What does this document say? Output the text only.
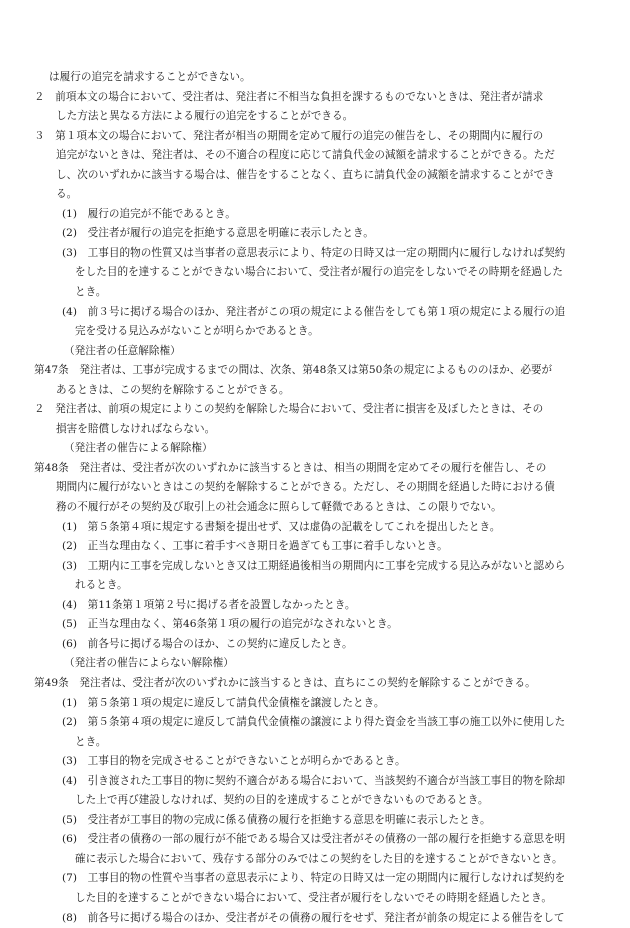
は履行の追完を請求することができない。
２　前項本文の場合において、受注者は、発注者に不相当な負担を課するものでないときは、発注者が請求
した方法と異なる方法による履行の追完をすることができる。
３　第１項本文の場合において、発注者が相当の期間を定めて履行の追完の催告をし、その期間内に履行の
追完がないときは、発注者は、その不適合の程度に応じて請負代金の減額を請求することができる。ただ
し、次のいずれかに該当する場合は、催告をすることなく、直ちに請負代金の減額を請求することができ
る。
(1)　履行の追完が不能であるとき。
(2)　受注者が履行の追完を拒絶する意思を明確に表示したとき。
(3)　工事目的物の性質又は当事者の意思表示により、特定の日時又は一定の期間内に履行しなければ契約
をした目的を達することができない場合において、受注者が履行の追完をしないでその時期を経過した
とき。
(4)　前３号に掲げる場合のほか、発注者がこの項の規定による催告をしても第１項の規定による履行の追
完を受ける見込みがないことが明らかであるとき。
（発注者の任意解除権）
第47条　発注者は、工事が完成するまでの間は、次条、第48条又は第50条の規定によるもののほか、必要が
あるときは、この契約を解除することができる。
２　発注者は、前項の規定によりこの契約を解除した場合において、受注者に損害を及ぼしたときは、その
損害を賠償しなければならない。
（発注者の催告による解除権）
第48条　発注者は、受注者が次のいずれかに該当するときは、相当の期間を定めてその履行を催告し、その
期間内に履行がないときはこの契約を解除することができる。ただし、その期間を経過した時における債
務の不履行がその契約及び取引上の社会通念に照らして軽微であるときは、この限りでない。
(1)　第５条第４項に規定する書類を提出せず、又は虚偽の記載をしてこれを提出したとき。
(2)　正当な理由なく、工事に着手すべき期日を過ぎても工事に着手しないとき。
(3)　工期内に工事を完成しないとき又は工期経過後相当の期間内に工事を完成する見込みがないと認めら
れるとき。
(4)　第11条第１項第２号に掲げる者を設置しなかったとき。
(5)　正当な理由なく、第46条第１項の履行の追完がなされないとき。
(6)　前各号に掲げる場合のほか、この契約に違反したとき。
（発注者の催告によらない解除権）
第49条　発注者は、受注者が次のいずれかに該当するときは、直ちにこの契約を解除することができる。
(1)　第５条第１項の規定に違反して請負代金債権を譲渡したとき。
(2)　第５条第４項の規定に違反して請負代金債権の譲渡により得た資金を当該工事の施工以外に使用した
とき。
(3)　工事目的物を完成させることができないことが明らかであるとき。
(4)　引き渡された工事目的物に契約不適合がある場合において、当該契約不適合が当該工事目的物を除却
した上で再び建設しなければ、契約の目的を達成することができないものであるとき。
(5)　受注者が工事目的物の完成に係る債務の履行を拒絶する意思を明確に表示したとき。
(6)　受注者の債務の一部の履行が不能である場合又は受注者がその債務の一部の履行を拒絶する意思を明
確に表示した場合において、残存する部分のみではこの契約をした目的を達することができないとき。
(7)　工事目的物の性質や当事者の意思表示により、特定の日時又は一定の期間内に履行しなければ契約を
した目的を達することができない場合において、受注者が履行をしないでその時期を経過したとき。
(8)　前各号に掲げる場合のほか、受注者がその債務の履行をせず、発注者が前条の規定による催告をして
